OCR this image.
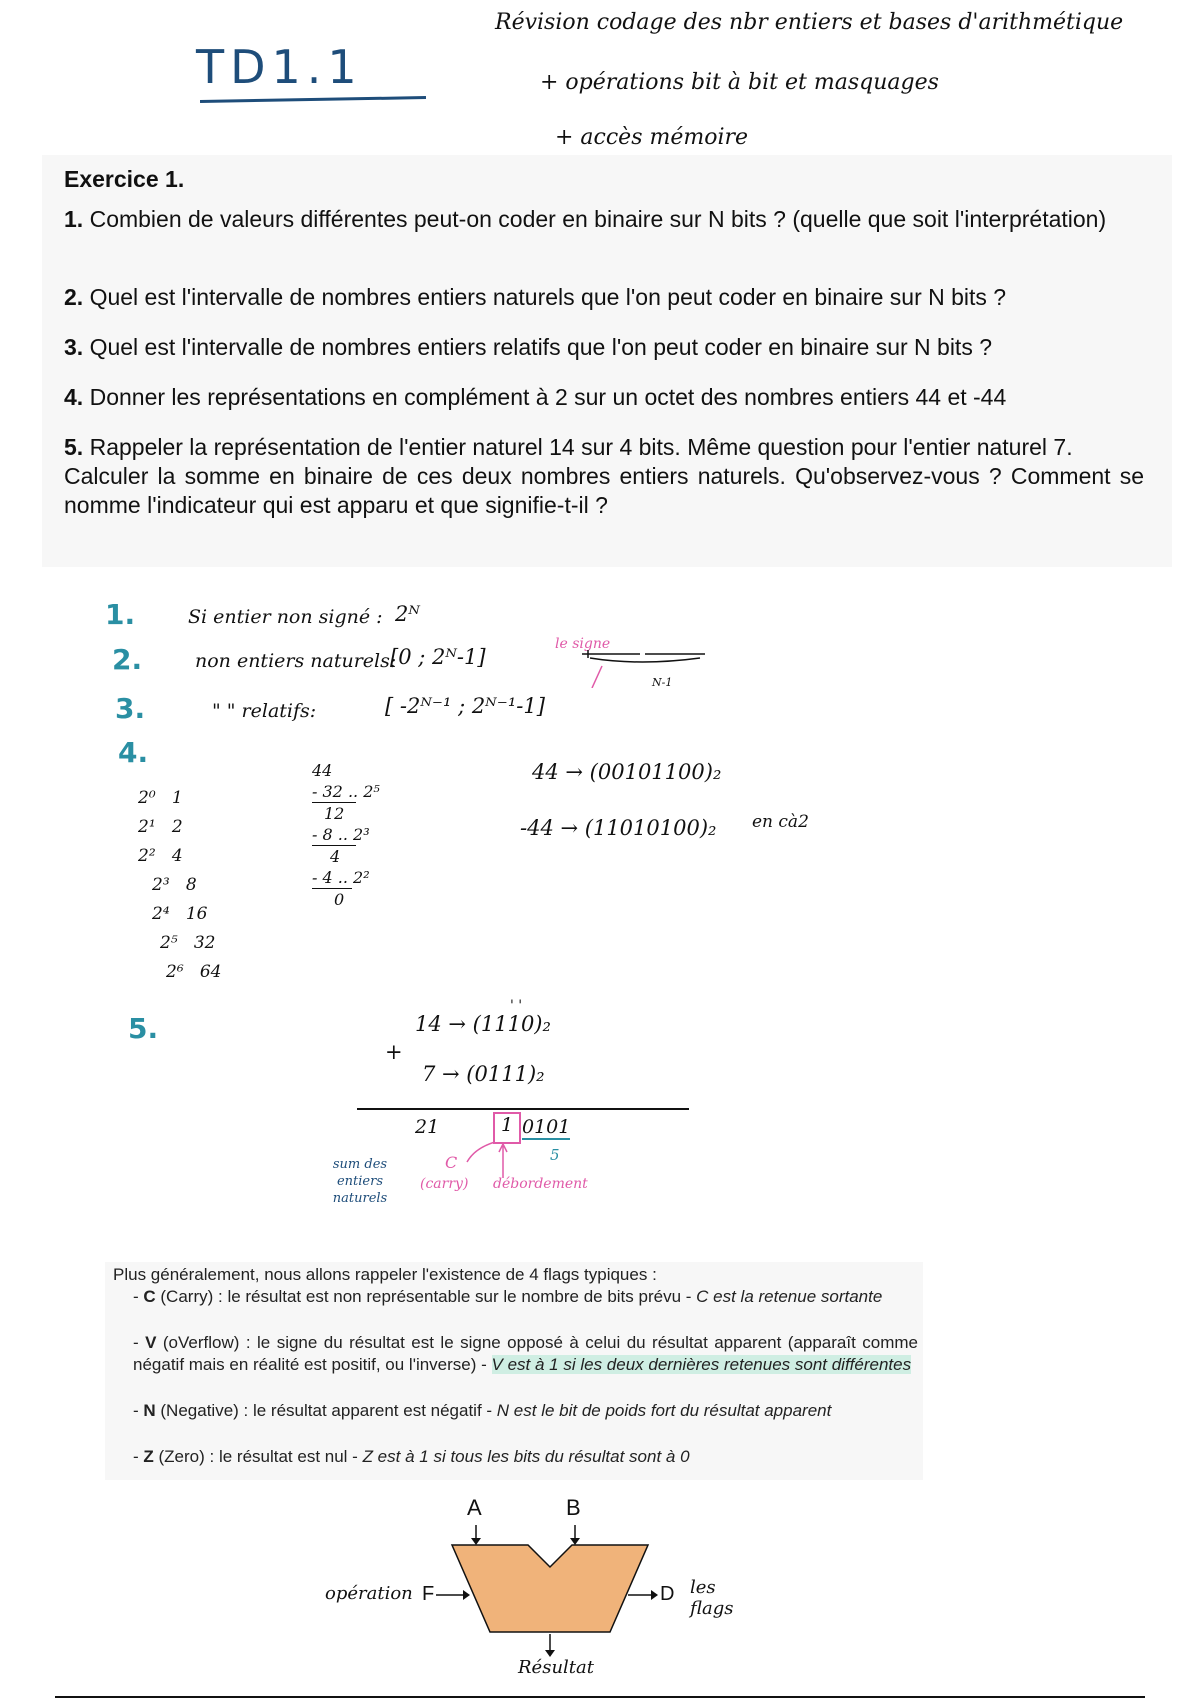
TD1.1
Révision codage des nbr entiers et bases d'arithmétique
+ opérations bit à bit et masquages
+ accès mémoire
Exercice 1.
1. Combien de valeurs différentes peut-on coder en binaire sur N bits ? (quelle que soit l'interprétation)
2. Quel est l'intervalle de nombres entiers naturels que l'on peut coder en binaire sur N bits ?
3. Quel est l'intervalle de nombres entiers relatifs que l'on peut coder en binaire sur N bits ?
4. Donner les représentations en complément à 2 sur un octet des nombres entiers 44 et -44
5. Rappeler la représentation de l'entier naturel 14 sur 4 bits. Même question pour l'entier naturel 7.
Calculer la somme en binaire de ces deux nombres entiers naturels. Qu'observez-vous ? Comment se nomme l'indicateur qui est apparu et que signifie-t-il ?
1.	Si entier non signé : 2ᴺ
2.	non entiers naturels:
[0 ; 2ᴺ-1]
3.	" " relatifs:	[ -2ᴺ⁻¹ ; 2ᴺ⁻¹-1]
le signe
N-1
4.
2⁰ 1
2¹ 2
2² 4
2³ 8
2⁴ 16
2⁵ 32
2⁶ 64
44
- 32 .. 2⁵
12
- 8 .. 2³
4
- 4 .. 2²
0
44 → (00101100)₂
-44 → (11010100)₂ en cà2
5.
' '
14 → (1110)₂
+
7 → (0111)₂
21	1 0101
5
sum des entiers naturels
C
(carry) débordement
Plus généralement, nous allons rappeler l'existence de 4 flags typiques :
- C (Carry) : le résultat est non représentable sur le nombre de bits prévu - C est la retenue sortante
- V (oVerflow) : le signe du résultat est le signe opposé à celui du résultat apparent (apparaît comme négatif mais en réalité est positif, ou l'inverse) - V est à 1 si les deux dernières retenues sont différentes
- N (Negative) : le résultat apparent est négatif - N est le bit de poids fort du résultat apparent
- Z (Zero) : le résultat est nul - Z est à 1 si tous les bits du résultat sont à 0
A	B
F	D
opération	les flags
Résultat
